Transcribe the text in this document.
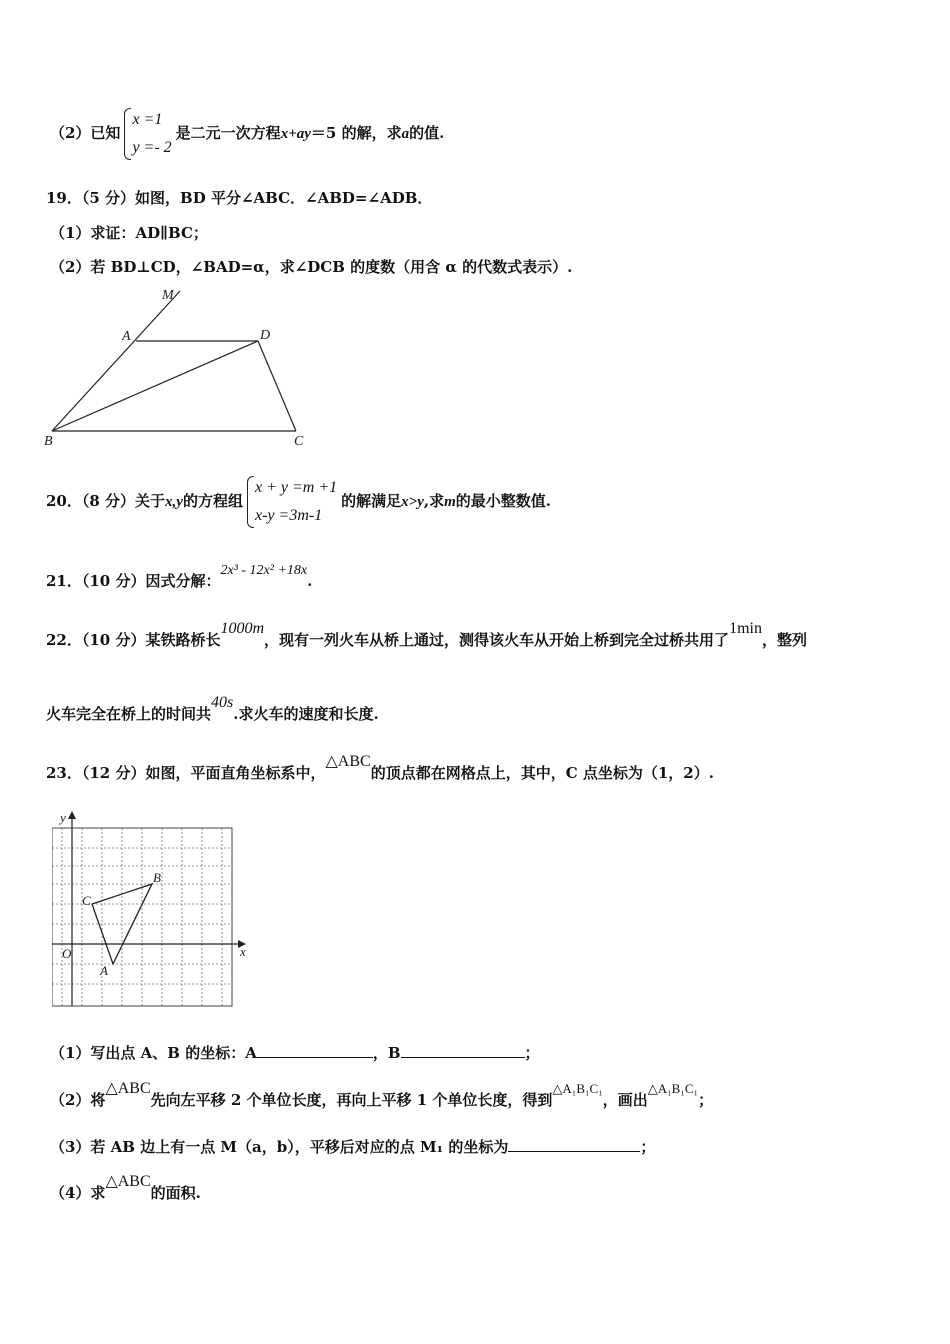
（2）已知
x =1
y =- 2
是二元一次方程x+ay＝5 的解，求a的值.
19．（5 分）如图，BD 平分∠ABC．∠ABD=∠ADB．
（1）求证：AD∥BC；
（2）若 BD⊥CD，∠BAD=α，求∠DCB 的度数（用含 α 的代数式表示）.
M
A	D
B	C
20．（8 分）关于x,y的方程组
x + y =m +1
x-y =3m-1
的解满足x>y,求m的最小整数值.
21．（10 分）因式分解：2x³ - 12x² +18x.
22．（10 分）某铁路桥长1000m，现有一列火车从桥上通过，测得该火车从开始上桥到完全过桥共用了1min，整列
火车完全在桥上的时间共40s.求火车的速度和长度.
23．（12 分）如图，平面直角坐标系中，△ABC的顶点都在网格点上，其中，C 点坐标为（1，2）.
y
x
O
A
B
C
（1）写出点 A、B 的坐标：A	，B	；
（2）将△ABC先向左平移 2 个单位长度，再向上平移 1 个单位长度，得到△A₁B₁C₁，画出△A₁B₁C₁；
（3）若 AB 边上有一点 M（a，b），平移后对应的点 M₁ 的坐标为	；
（4）求△ABC的面积.
